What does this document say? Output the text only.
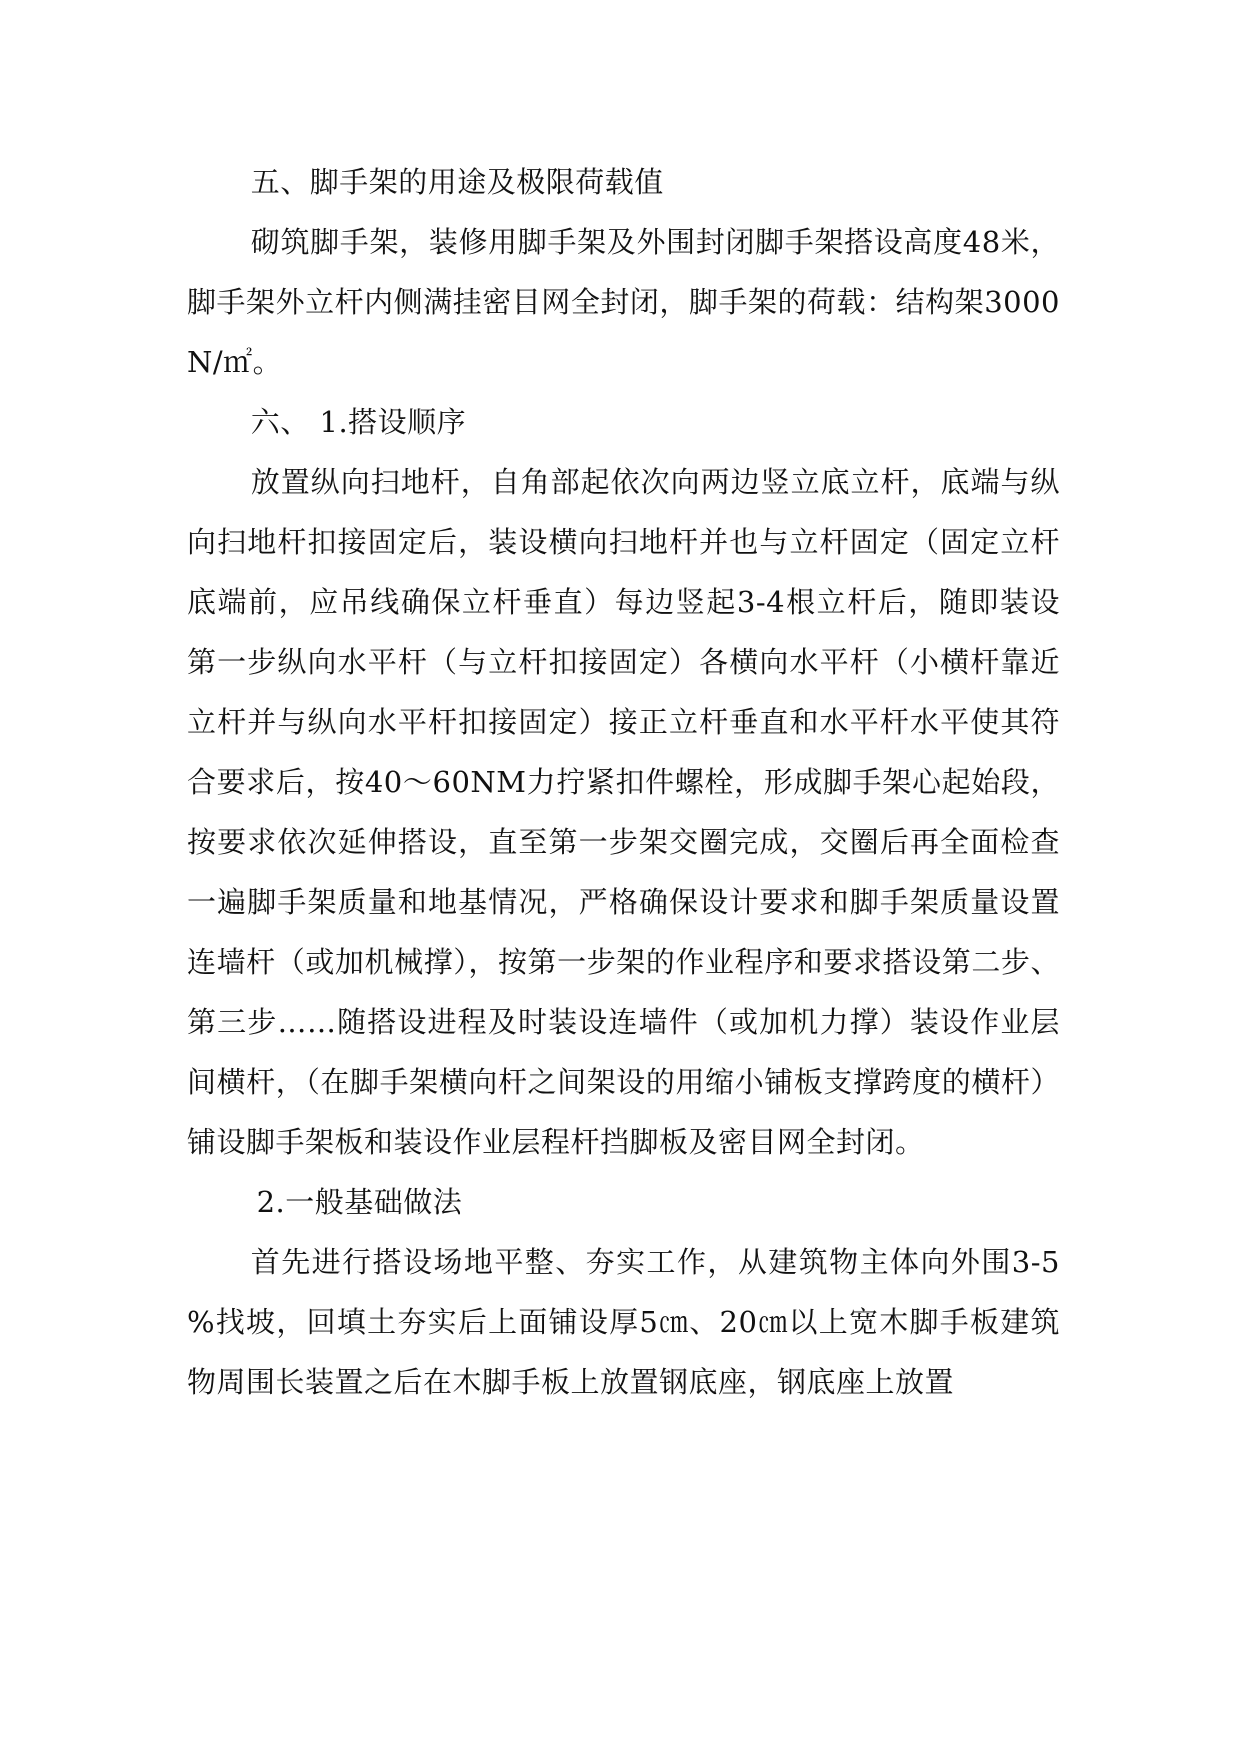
五、脚手架的用途及极限荷载值

砌筑脚手架，装修用脚手架及外围封闭脚手架搭设高度48米，脚手架外立杆内侧满挂密目网全封闭，脚手架的荷载：结构架3000N/㎡。

六、 1.搭设顺序

放置纵向扫地杆，自角部起依次向两边竖立底立杆，底端与纵向扫地杆扣接固定后，装设横向扫地杆并也与立杆固定（固定立杆底端前，应吊线确保立杆垂直）每边竖起3-4根立杆后，随即装设第一步纵向水平杆（与立杆扣接固定）各横向水平杆（小横杆靠近立杆并与纵向水平杆扣接固定）接正立杆垂直和水平杆水平使其符合要求后，按40～60NM力拧紧扣件螺栓，形成脚手架心起始段，按要求依次延伸搭设，直至第一步架交圈完成，交圈后再全面检查一遍脚手架质量和地基情况，严格确保设计要求和脚手架质量设置连墙杆（或加机械撑），按第一步架的作业程序和要求搭设第二步、第三步……随搭设进程及时装设连墙件（或加机力撑）装设作业层间横杆，（在脚手架横向杆之间架设的用缩小铺板支撑跨度的横杆）铺设脚手架板和装设作业层程杆挡脚板及密目网全封闭。

2.一般基础做法

首先进行搭设场地平整、夯实工作，从建筑物主体向外围3-5%找坡，回填土夯实后上面铺设厚5㎝、20㎝以上宽木脚手板建筑物周围长装置之后在木脚手板上放置钢底座，钢底座上放置
